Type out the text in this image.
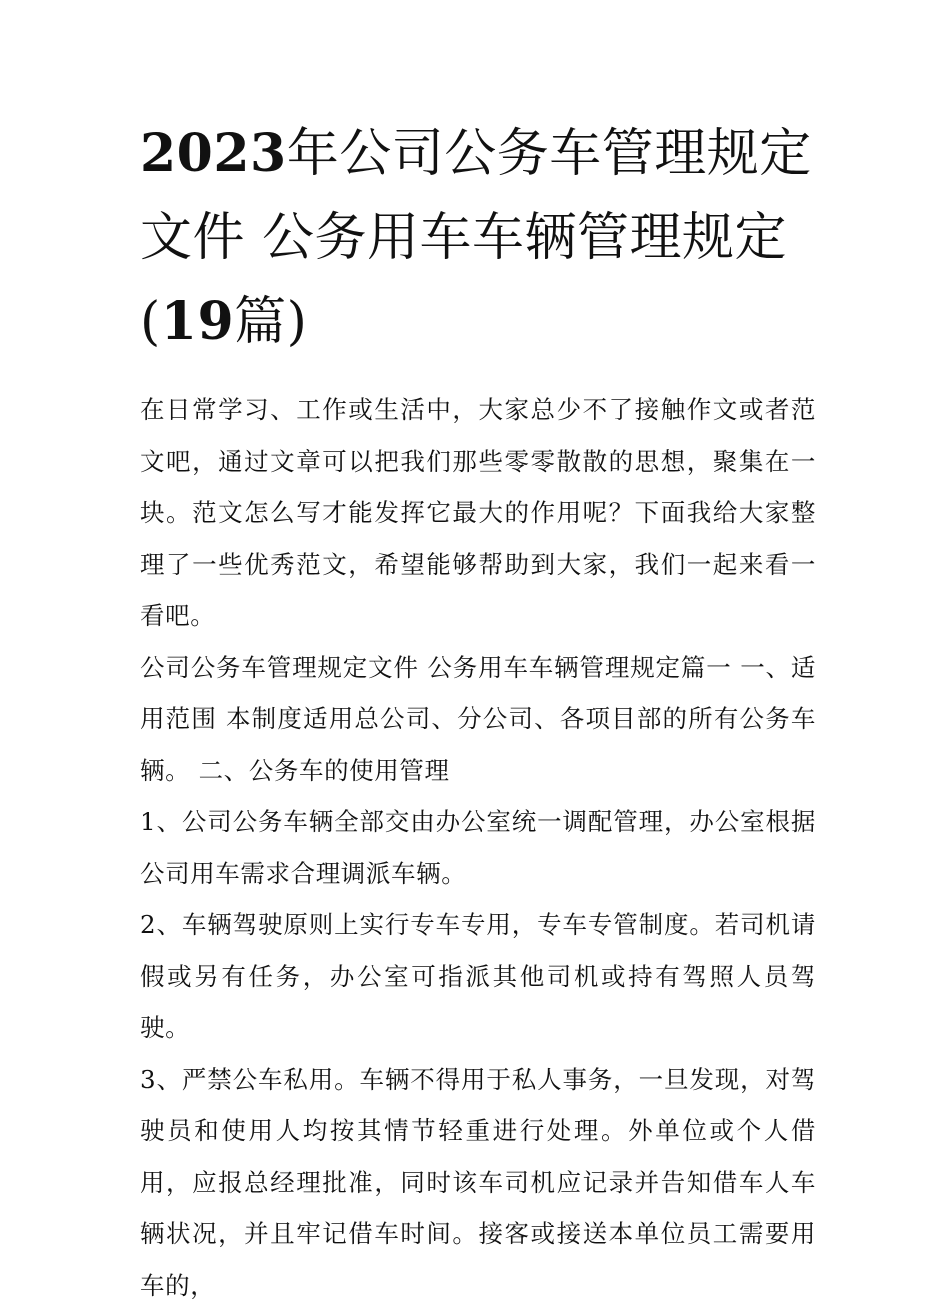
2023年公司公务车管理规定文件 公务用车车辆管理规定(19篇)

在日常学习、工作或生活中，大家总少不了接触作文或者范文吧，通过文章可以把我们那些零零散散的思想，聚集在一块。范文怎么写才能发挥它最大的作用呢？下面我给大家整理了一些优秀范文，希望能够帮助到大家，我们一起来看一看吧。

公司公务车管理规定文件 公务用车车辆管理规定篇一 一、适用范围 本制度适用总公司、分公司、各项目部的所有公务车辆。 二、公务车的使用管理

1、公司公务车辆全部交由办公室统一调配管理，办公室根据公司用车需求合理调派车辆。

2、车辆驾驶原则上实行专车专用，专车专管制度。若司机请假或另有任务，办公室可指派其他司机或持有驾照人员驾驶。

3、严禁公车私用。车辆不得用于私人事务，一旦发现，对驾驶员和使用人均按其情节轻重进行处理。外单位或个人借用，应报总经理批准，同时该车司机应记录并告知借车人车辆状况，并且牢记借车时间。接客或接送本单位员工需要用车的，
